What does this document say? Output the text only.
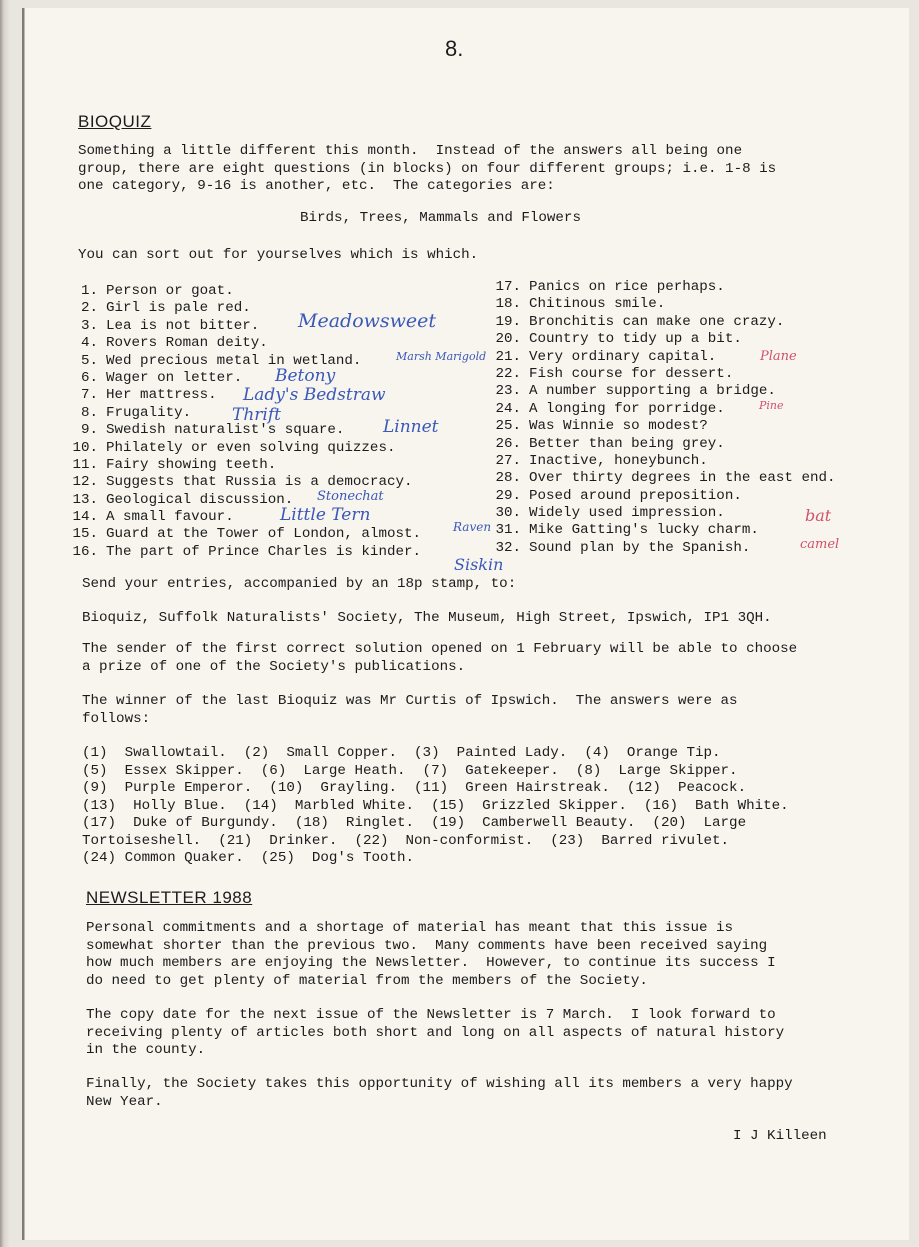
8.
BIOQUIZ
Something a little different this month.  Instead of the answers all being one
group, there are eight questions (in blocks) on four different groups; i.e. 1-8 is
one category, 9-16 is another, etc.  The categories are:
Birds, Trees, Mammals and Flowers
You can sort out for yourselves which is which.
1. Person or goat.
2. Girl is pale red.
3. Lea is not bitter.
4. Rovers Roman deity.
5. Wed precious metal in wetland.
6. Wager on letter.
7. Her mattress.
8. Frugality.
9. Swedish naturalist's square.
10. Philately or even solving quizzes.
11. Fairy showing teeth.
12. Suggests that Russia is a democracy.
13. Geological discussion.
14. A small favour.
15. Guard at the Tower of London, almost.
16. The part of Prince Charles is kinder.
17. Panics on rice perhaps.
18. Chitinous smile.
19. Bronchitis can make one crazy.
20. Country to tidy up a bit.
21. Very ordinary capital.
22. Fish course for dessert.
23. A number supporting a bridge.
24. A longing for porridge.
25. Was Winnie so modest?
26. Better than being grey.
27. Inactive, honeybunch.
28. Over thirty degrees in the east end.
29. Posed around preposition.
30. Widely used impression.
31. Mike Gatting's lucky charm.
32. Sound plan by the Spanish.
Meadowsweet
Marsh Marigold
Betony
Lady's Bedstraw
Thrift
Linnet
Stonechat
Little Tern
Raven
Siskin
Plane
Pine
bat
camel
Send your entries, accompanied by an 18p stamp, to:
Bioquiz, Suffolk Naturalists' Society, The Museum, High Street, Ipswich, IP1 3QH.
The sender of the first correct solution opened on 1 February will be able to choose
a prize of one of the Society's publications.
The winner of the last Bioquiz was Mr Curtis of Ipswich.  The answers were as
follows:
(1)  Swallowtail.  (2)  Small Copper.  (3)  Painted Lady.  (4)  Orange Tip.
(5)  Essex Skipper.  (6)  Large Heath.  (7)  Gatekeeper.  (8)  Large Skipper.
(9)  Purple Emperor.  (10)  Grayling.  (11)  Green Hairstreak.  (12)  Peacock.
(13)  Holly Blue.  (14)  Marbled White.  (15)  Grizzled Skipper.  (16)  Bath White.
(17)  Duke of Burgundy.  (18)  Ringlet.  (19)  Camberwell Beauty.  (20)  Large
Tortoiseshell.  (21)  Drinker.  (22)  Non-conformist.  (23)  Barred rivulet.
(24) Common Quaker.  (25)  Dog's Tooth.
NEWSLETTER 1988
Personal commitments and a shortage of material has meant that this issue is
somewhat shorter than the previous two.  Many comments have been received saying
how much members are enjoying the Newsletter.  However, to continue its success I
do need to get plenty of material from the members of the Society.
The copy date for the next issue of the Newsletter is 7 March.  I look forward to
receiving plenty of articles both short and long on all aspects of natural history
in the county.
Finally, the Society takes this opportunity of wishing all its members a very happy
New Year.
I J Killeen
